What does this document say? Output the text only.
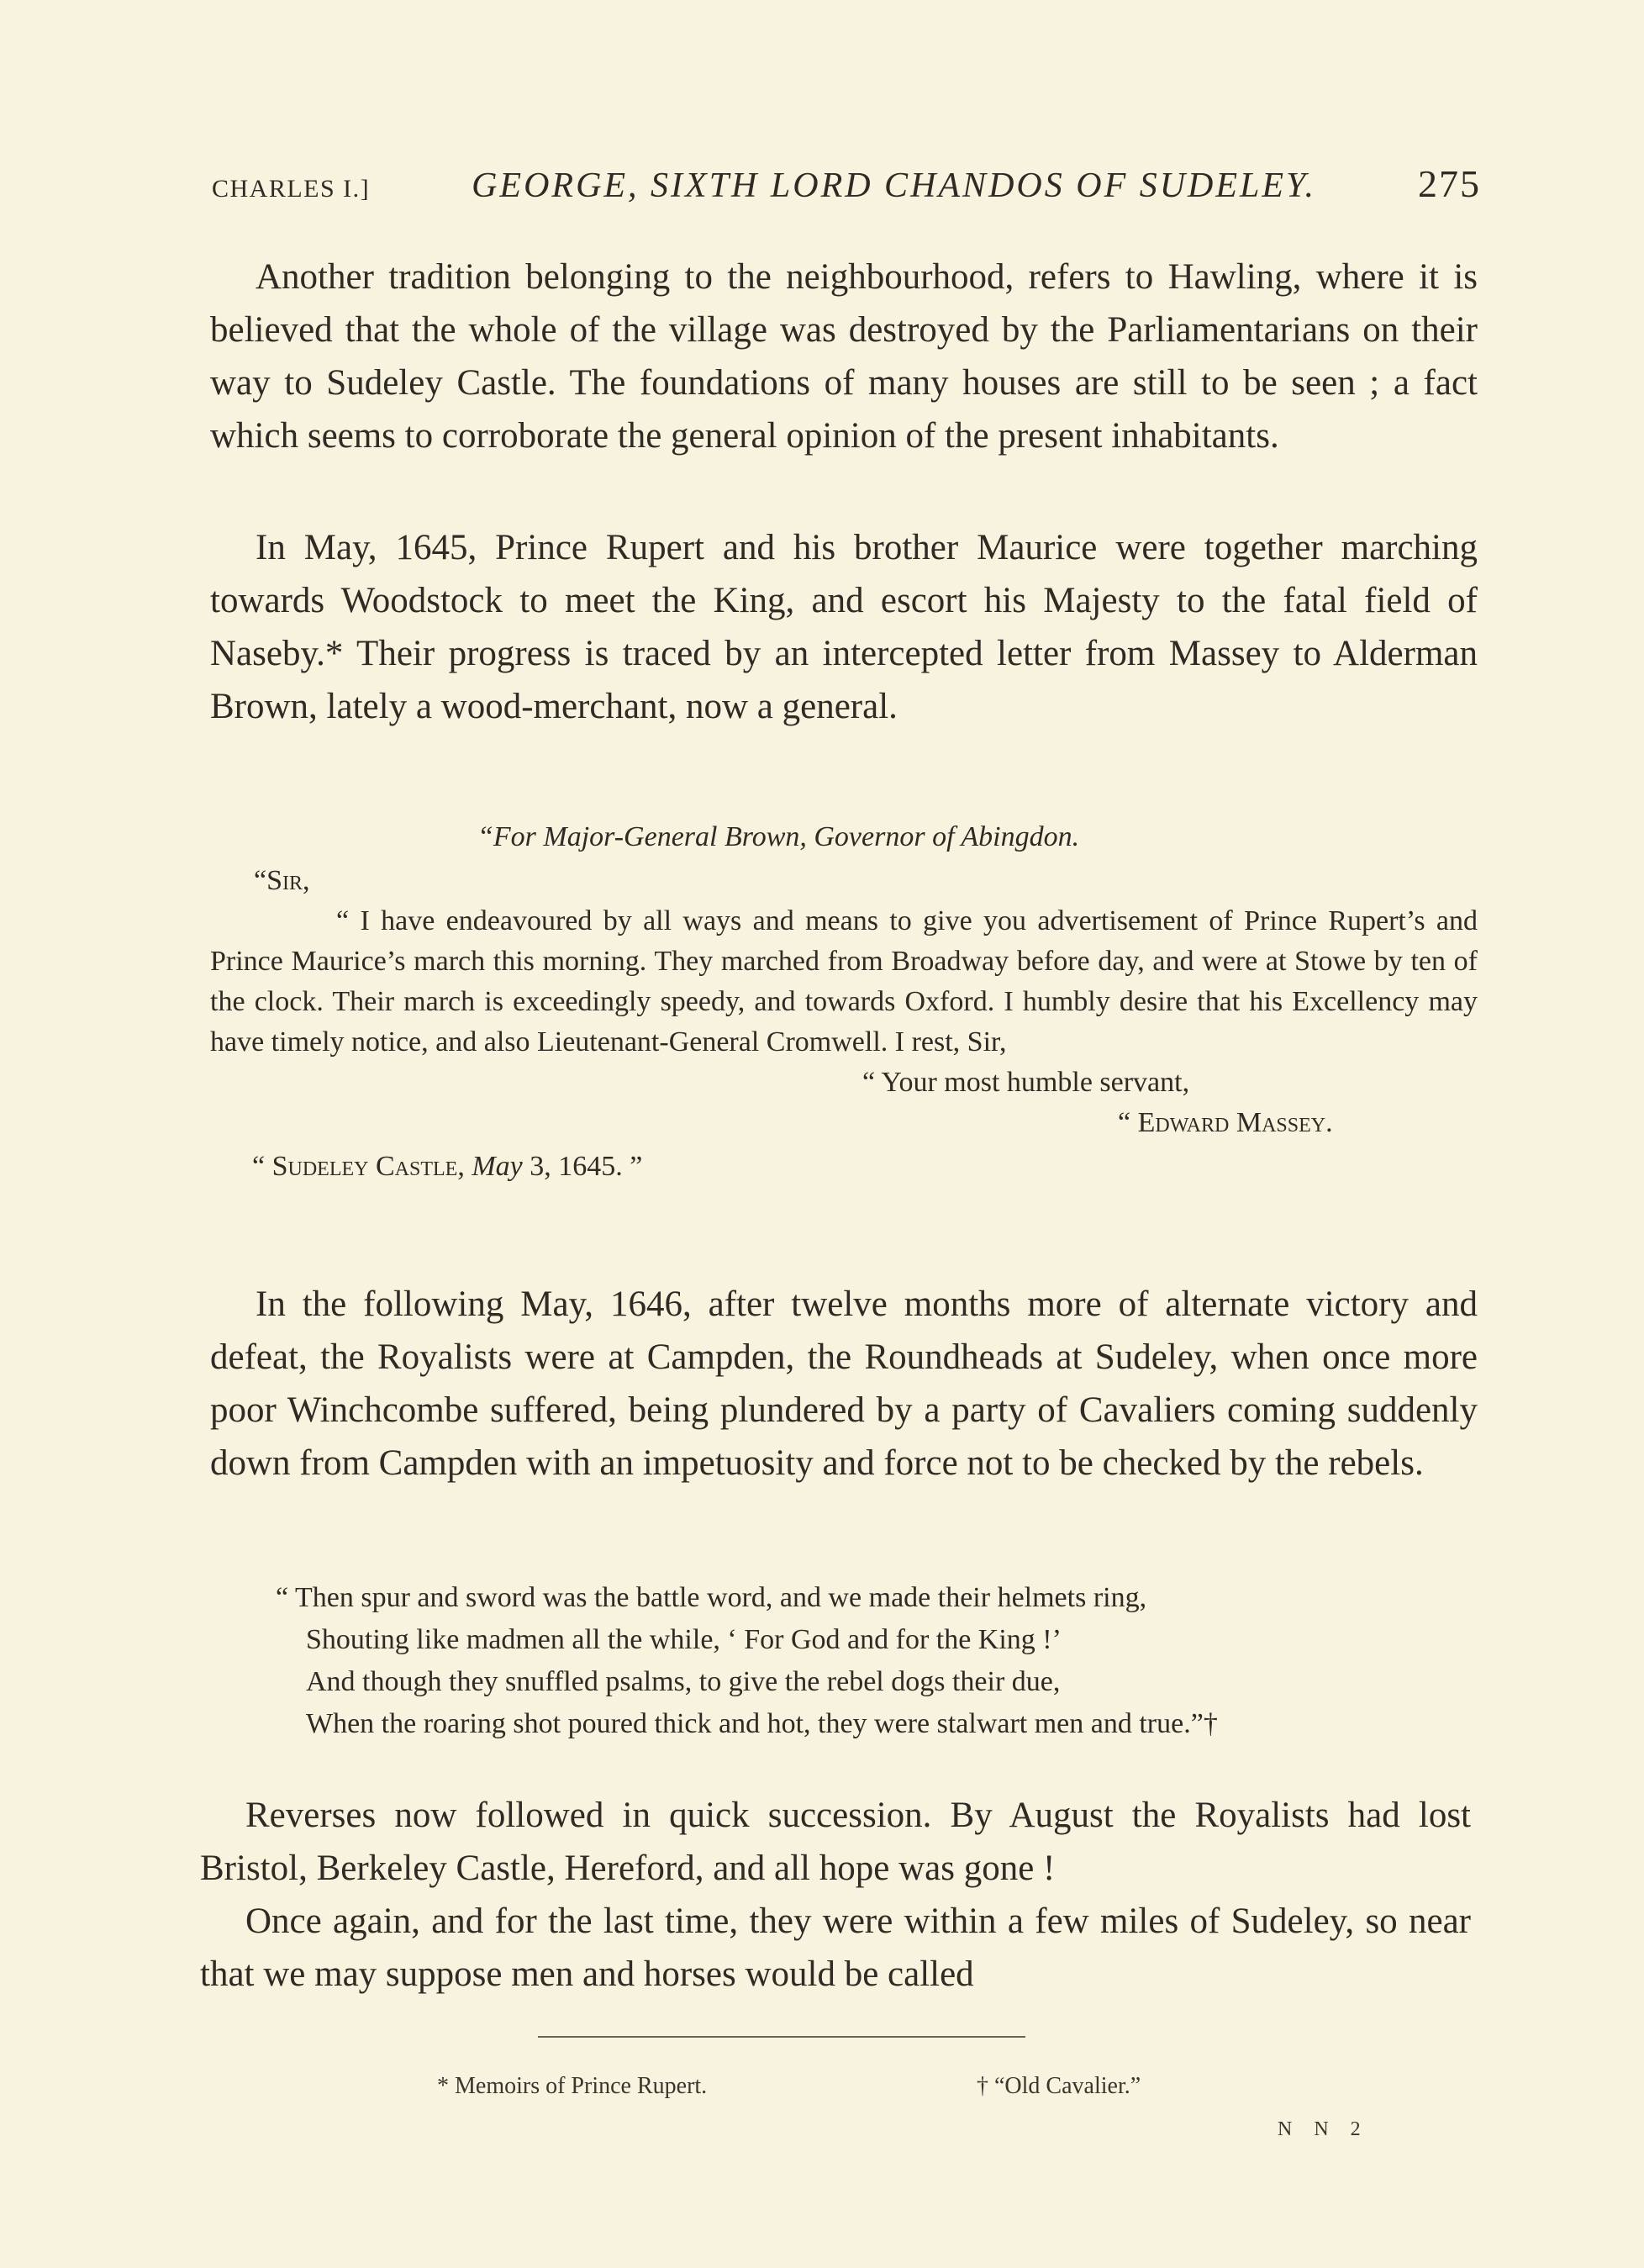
CHARLES I.]	GEORGE, SIXTH LORD CHANDOS OF SUDELEY.	275

Another tradition belonging to the neighbourhood, refers to Hawling, where it is believed that the whole of the village was destroyed by the Parliamentarians on their way to Sudeley Castle. The foundations of many houses are still to be seen ; a fact which seems to corroborate the general opinion of the present inhabitants.

In May, 1645, Prince Rupert and his brother Maurice were together marching towards Woodstock to meet the King, and escort his Majesty to the fatal field of Naseby.* Their progress is traced by an intercepted letter from Massey to Alderman Brown, lately a wood-merchant, now a general.

“For Major-General Brown, Governor of Abingdon.
“Sir,

“ I have endeavoured by all ways and means to give you advertisement of Prince Rupert’s and Prince Maurice’s march this morning. They marched from Broadway before day, and were at Stowe by ten of the clock. Their march is exceedingly speedy, and towards Oxford. I humbly desire that his Excellency may have timely notice, and also Lieutenant-General Cromwell. I rest, Sir,

“ Your most humble servant,
“ Edward Massey.
“ Sudeley Castle, May 3, 1645. ”

In the following May, 1646, after twelve months more of alternate victory and defeat, the Royalists were at Campden, the Roundheads at Sudeley, when once more poor Winchcombe suffered, being plundered by a party of Cavaliers coming suddenly down from Campden with an impetuosity and force not to be checked by the rebels.

“ Then spur and sword was the battle word, and we made their helmets ring,
Shouting like madmen all the while, ‘ For God and for the King !’
And though they snuffled psalms, to give the rebel dogs their due,
When the roaring shot poured thick and hot, they were stalwart men and true.”†

Reverses now followed in quick succession. By August the Royalists had lost Bristol, Berkeley Castle, Hereford, and all hope was gone !

Once again, and for the last time, they were within a few miles of Sudeley, so near that we may suppose men and horses would be called

* Memoirs of Prince Rupert.	† “Old Cavalier.”
N N 2
